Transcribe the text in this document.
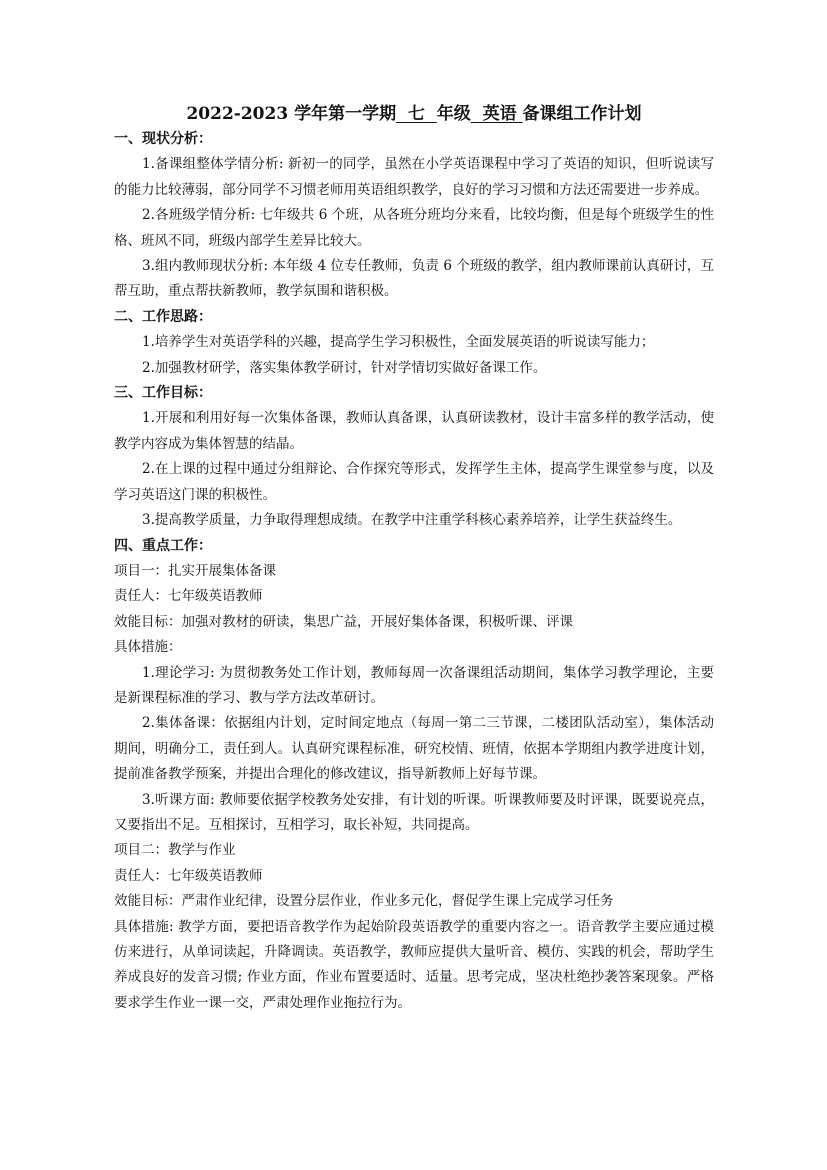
2022-2023 学年第一学期  七  年级  英语 备课组工作计划
一、现状分析：
1.备课组整体学情分析: 新初一的同学，虽然在小学英语课程中学习了英语的知识，但听说读写的能力比较薄弱，部分同学不习惯老师用英语组织教学，良好的学习习惯和方法还需要进一步养成。
2.各班级学情分析: 七年级共 6 个班，从各班分班均分来看，比较均衡，但是每个班级学生的性格、班风不同，班级内部学生差异比较大。
3.组内教师现状分析: 本年级 4 位专任教师，负责 6 个班级的教学，组内教师课前认真研讨，互帮互助，重点帮扶新教师，教学氛围和谐积极。
二、工作思路：
1.培养学生对英语学科的兴趣，提高学生学习积极性，全面发展英语的听说读写能力；
2.加强教材研学，落实集体教学研讨，针对学情切实做好备课工作。
三、工作目标：
1.开展和利用好每一次集体备课，教师认真备课，认真研读教材，设计丰富多样的教学活动，使教学内容成为集体智慧的结晶。
2.在上课的过程中通过分组辩论、合作探究等形式，发挥学生主体，提高学生课堂参与度，以及学习英语这门课的积极性。
3.提高教学质量，力争取得理想成绩。在教学中注重学科核心素养培养，让学生获益终生。
四、重点工作：
项目一：扎实开展集体备课
责任人：七年级英语教师
效能目标：加强对教材的研读，集思广益，开展好集体备课，积极听课、评课
具体措施：
1.理论学习: 为贯彻教务处工作计划，教师每周一次备课组活动期间，集体学习教学理论，主要是新课程标准的学习、教与学方法改革研讨。
2.集体备课：依据组内计划，定时间定地点（每周一第二三节课，二楼团队活动室），集体活动期间，明确分工，责任到人。认真研究课程标准，研究校情、班情，依据本学期组内教学进度计划，提前准备教学预案，并提出合理化的修改建议，指导新教师上好每节课。
3.听课方面: 教师要依据学校教务处安排，有计划的听课。听课教师要及时评课，既要说亮点，又要指出不足。互相探讨，互相学习，取长补短，共同提高。
项目二：教学与作业
责任人：七年级英语教师
效能目标：严肃作业纪律，设置分层作业，作业多元化，督促学生课上完成学习任务
具体措施: 教学方面，要把语音教学作为起始阶段英语教学的重要内容之一。语音教学主要应通过模仿来进行，从单词读起，升降调读。英语教学，教师应提供大量听音、模仿、实践的机会，帮助学生养成良好的发音习惯; 作业方面，作业布置要适时、适量。思考完成，坚决杜绝抄袭答案现象。严格要求学生作业一课一交，严肃处理作业拖拉行为。
